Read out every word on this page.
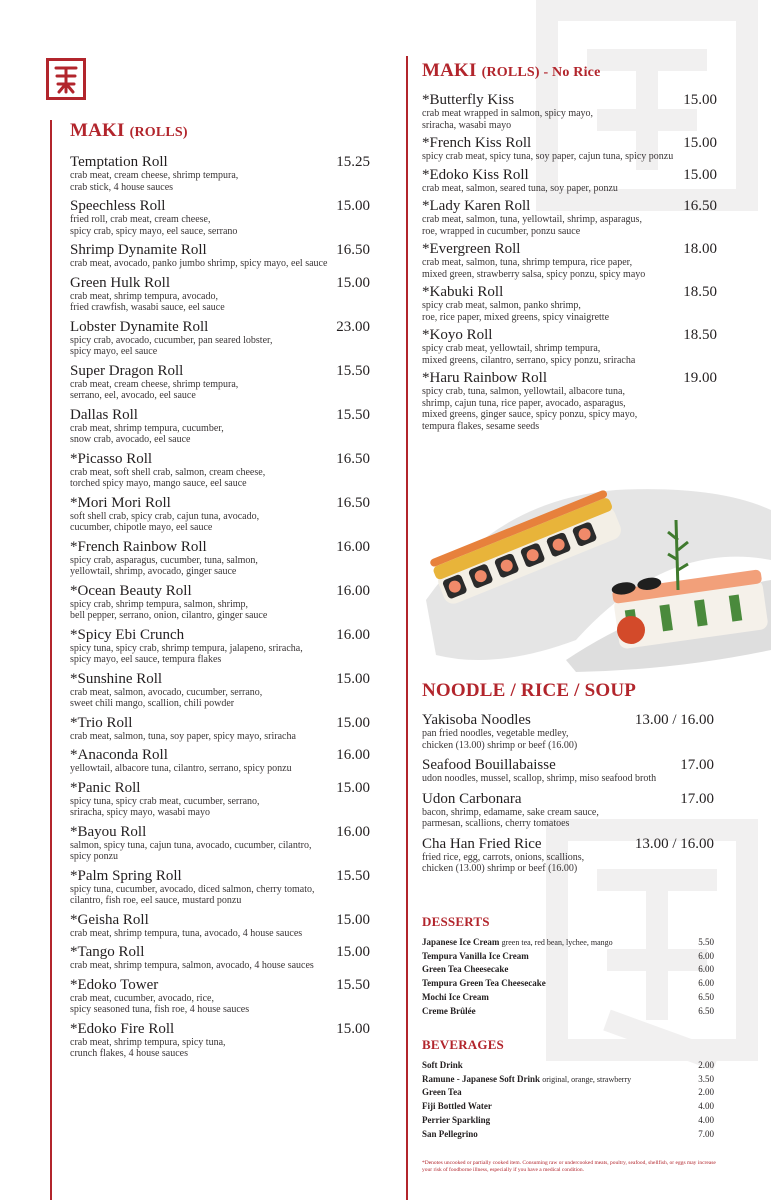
MAKI (ROLLS)
Temptation Roll	15.25
crab meat, cream cheese, shrimp tempura,
crab stick, 4 house sauces
Speechless Roll	15.00
fried roll, crab meat, cream cheese,
spicy crab, spicy mayo, eel sauce, serrano
Shrimp Dynamite Roll	16.50
crab meat, avocado, panko jumbo shrimp, spicy mayo, eel sauce
Green Hulk Roll	15.00
crab meat, shrimp tempura, avocado,
fried crawfish, wasabi sauce, eel sauce
Lobster Dynamite Roll	23.00
spicy crab, avocado, cucumber, pan seared lobster,
spicy mayo, eel sauce
Super Dragon Roll	15.50
crab meat, cream cheese, shrimp tempura,
serrano, eel, avocado, eel sauce
Dallas Roll	15.50
crab meat, shrimp tempura, cucumber,
snow crab, avocado, eel sauce
*Picasso Roll	16.50
crab meat, soft shell crab, salmon, cream cheese,
torched spicy mayo, mango sauce, eel sauce
*Mori Mori Roll	16.50
soft shell crab, spicy crab, cajun tuna, avocado,
cucumber, chipotle mayo, eel sauce
*French Rainbow Roll	16.00
spicy crab, asparagus, cucumber, tuna, salmon,
yellowtail, shrimp, avocado, ginger sauce
*Ocean Beauty Roll	16.00
spicy crab, shrimp tempura, salmon, shrimp,
bell pepper, serrano, onion, cilantro, ginger sauce
*Spicy Ebi Crunch	16.00
spicy tuna, spicy crab, shrimp tempura, jalapeno, sriracha,
spicy mayo, eel sauce, tempura flakes
*Sunshine Roll	15.00
crab meat, salmon, avocado, cucumber, serrano,
sweet chili mango, scallion, chili powder
*Trio Roll	15.00
crab meat, salmon, tuna, soy paper, spicy mayo, sriracha
*Anaconda Roll	16.00
yellowtail, albacore tuna, cilantro, serrano, spicy ponzu
*Panic Roll	15.00
spicy tuna, spicy crab meat, cucumber, serrano,
sriracha, spicy mayo, wasabi mayo
*Bayou Roll	16.00
salmon, spicy tuna, cajun tuna, avocado, cucumber, cilantro,
spicy ponzu
*Palm Spring Roll	15.50
spicy tuna, cucumber, avocado, diced salmon, cherry tomato,
cilantro, fish roe, eel sauce, mustard ponzu
*Geisha Roll	15.00
crab meat, shrimp tempura, tuna, avocado, 4 house sauces
*Tango Roll	15.00
crab meat, shrimp tempura, salmon, avocado, 4 house sauces
*Edoko Tower	15.50
crab meat, cucumber, avocado, rice,
spicy seasoned tuna, fish roe, 4 house sauces
*Edoko Fire Roll	15.00
crab meat, shrimp tempura, spicy tuna,
crunch flakes, 4 house sauces
MAKI (ROLLS) - No Rice
*Butterfly Kiss	15.00
crab meat wrapped in salmon, spicy mayo,
sriracha, wasabi mayo
*French Kiss Roll	15.00
spicy crab meat, spicy tuna, soy paper, cajun tuna, spicy ponzu
*Edoko Kiss Roll	15.00
crab meat, salmon, seared tuna, soy paper, ponzu
*Lady Karen Roll	16.50
crab meat, salmon, tuna, yellowtail, shrimp, asparagus,
roe, wrapped in cucumber, ponzu sauce
*Evergreen Roll	18.00
crab meat, salmon, tuna, shrimp tempura, rice paper,
mixed green, strawberry salsa, spicy ponzu, spicy mayo
*Kabuki Roll	18.50
spicy crab meat, salmon, panko shrimp,
roe, rice paper, mixed greens, spicy vinaigrette
*Koyo Roll	18.50
spicy crab meat, yellowtail, shrimp tempura,
mixed greens, cilantro, serrano, spicy ponzu, sriracha
*Haru Rainbow Roll	19.00
spicy crab, tuna, salmon, yellowtail, albacore tuna,
shrimp, cajun tuna, rice paper, avocado, asparagus,
mixed greens, ginger sauce, spicy ponzu, spicy mayo,
tempura flakes, sesame seeds
NOODLE / RICE / SOUP
Yakisoba Noodles	13.00 / 16.00
pan fried noodles, vegetable medley,
chicken (13.00) shrimp or beef (16.00)
Seafood Bouillabaisse	17.00
udon noodles, mussel, scallop, shrimp, miso seafood broth
Udon Carbonara	17.00
bacon, shrimp, edamame, sake cream sauce,
parmesan, scallions, cherry tomatoes
Cha Han Fried Rice	13.00 / 16.00
fried rice, egg, carrots, onions, scallions,
chicken (13.00) shrimp or beef (16.00)
DESSERTS
Japanese Ice Cream green tea, red bean, lychee, mango	5.50
Tempura Vanilla Ice Cream	6.00
Green Tea Cheesecake	6.00
Tempura Green Tea Cheesecake	6.00
Mochi Ice Cream	6.50
Creme Brûlée	6.50
BEVERAGES
Soft Drink	2.00
Ramune - Japanese Soft Drink original, orange, strawberry	3.50
Green Tea	2.00
Fiji Bottled Water	4.00
Perrier Sparkling	4.00
San Pellegrino	7.00
*Denotes uncooked or partially cooked item. Consuming raw or undercooked meats, poultry, seafood, shellfish, or eggs may increase your risk of foodborne illness, especially if you have a medical condition.
